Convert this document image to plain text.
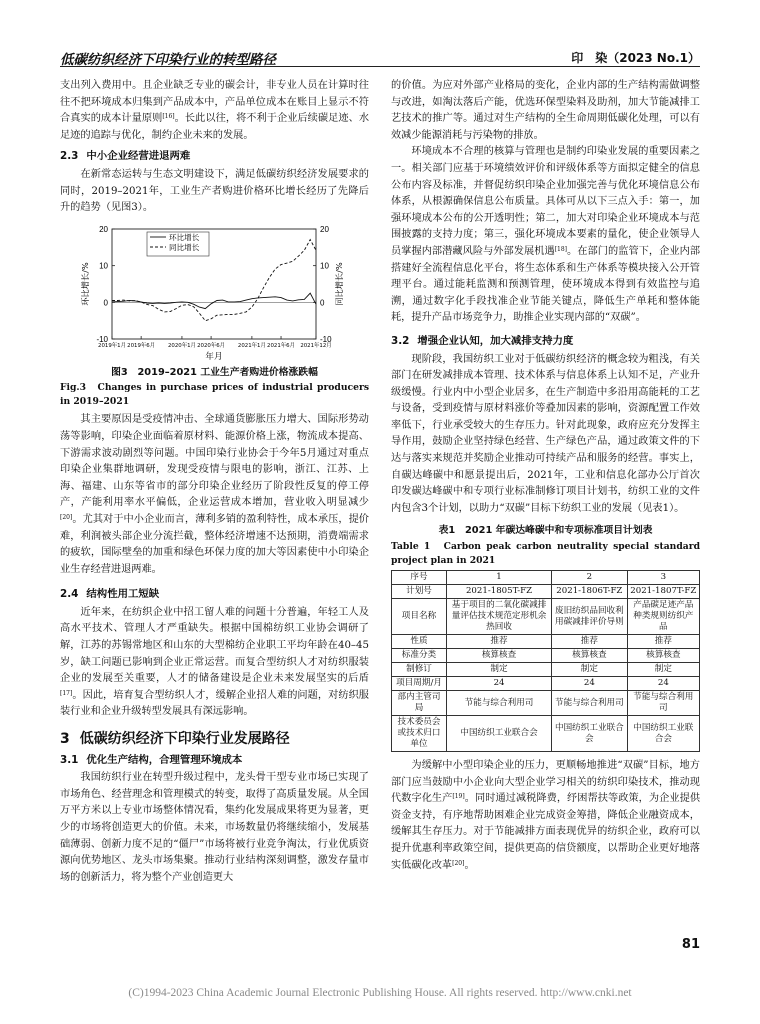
低碳纺织经济下印染行业的转型路径	印　染（2023 No.1）

支出列入费用中。且企业缺乏专业的碳会计，非专业人员在计算时往往不把环境成本归集到产品成本中，产品单位成本在账目上显示不符合真实的成本计量原则[16]。长此以往，将不利于企业后续碳足迹、水足迹的追踪与优化，制约企业未来的发展。

2.3 中小企业经营进退两难

在新常态运转与生态文明建设下，满足低碳纺织经济发展要求的同时，2019–2021年，工业生产者购进价格环比增长经历了先降后升的趋势（见图3）。

20	20
10	10
0	0
-10	-10
2019年1月 2019年6月 2020年1月 2020年6月 2021年1月 2021年6月 2021年12月
年月
环比增长/%	同比增长/%
环比增长
同比增长
图3　2019–2021 工业生产者购进价格涨跌幅
Fig.3　Changes in purchase prices of industrial producers in 2019–2021

其主要原因是受疫情冲击、全球通货膨胀压力增大、国际形势动荡等影响，印染企业面临着原材料、能源价格上涨，物流成本提高、下游需求波动剧烈等问题。中国印染行业协会于今年5月通过对重点印染企业集群地调研，发现受疫情与限电的影响，浙江、江苏、上海、福建、山东等省市的部分印染企业经历了阶段性反复的停工停产，产能利用率水平偏低，企业运营成本增加，营业收入明显减少[20]。尤其对于中小企业而言，薄利多销的盈利特性，成本承压，提价难，利润被头部企业分流拦截，整体经济增速不达预期，消费端需求的疲软，国际壁垒的加重和绿色环保力度的加大等因素使中小印染企业生存经营进退两难。

2.4 结构性用工短缺

近年来，在纺织企业中招工留人难的问题十分普遍，年轻工人及高水平技术、管理人才严重缺失。根据中国棉纺织工业协会调研了解，江苏的苏锡常地区和山东的大型棉纺企业职工平均年龄在40–45岁，缺工问题已影响到企业正常运营。而复合型纺织人才对纺织服装企业的发展至关重要，人才的储备建设是企业未来发展坚实的后盾[17]。因此，培育复合型纺织人才，缓解企业招人难的问题，对纺织服装行业和企业升级转型发展具有深远影响。

3 低碳纺织经济下印染行业发展路径
3.1 优化生产结构，合理管理环境成本

我国纺织行业在转型升级过程中，龙头骨干型专业市场已实现了市场角色、经营理念和管理模式的转变，取得了高质量发展。从全国万平方米以上专业市场整体情况看，集约化发展成果将更为显著，更少的市场将创造更大的价值。未来，市场数量仍将继续缩小，发展基础薄弱、创新力度不足的“僵尸”市场将被行业竞争淘汰，行业优质资源向优势地区、龙头市场集聚。推动行业结构深刻调整，激发存量市场的创新活力，将为整个产业创造更大

的价值。为应对外部产业格局的变化，企业内部的生产结构需做调整与改进，如淘汰落后产能，优选环保型染料及助剂，加大节能减排工艺技术的推广等。通过对生产结构的全生命周期低碳化处理，可以有效减少能源消耗与污染物的排放。

环境成本不合理的核算与管理也是制约印染业发展的重要因素之一。相关部门应基于环境绩效评价和评级体系等方面拟定健全的信息公布内容及标准，并督促纺织印染企业加强完善与优化环境信息公布体系，从根源确保信息公布质量。具体可从以下三点入手：第一，加强环境成本公布的公开透明性；第二，加大对印染企业环境成本与范围披露的支持力度；第三，强化环境成本要素的量化，使企业领导人员掌握内部潜藏风险与外部发展机遇[18]。在部门的监管下，企业内部搭建好全流程信息化平台，将生态体系和生产体系等模块接入公开管理平台。通过能耗监测和预测管理，使环境成本得到有效监控与追溯，通过数字化手段找准企业节能关键点，降低生产单耗和整体能耗，提升产品市场竞争力，助推企业实现内部的“双碳”。

3.2 增强企业认知，加大减排支持力度

现阶段，我国纺织工业对于低碳纺织经济的概念较为粗浅，有关部门在研发减排成本管理、技术体系与信息体系上认知不足，产业升级缓慢。行业内中小型企业居多，在生产制造中多沿用高能耗的工艺与设备，受到疫情与原材料涨价等叠加因素的影响，资源配置工作效率低下，行业承受较大的生存压力。针对此现象，政府应充分发挥主导作用，鼓励企业坚持绿色经营、生产绿色产品，通过政策文件的下达与落实来规范并奖励企业推动可持续产品和服务的经营。事实上，自碳达峰碳中和愿景提出后，2021年，工业和信息化部办公厅首次印发碳达峰碳中和专项行业标准制修订项目计划书，纺织工业的文件内包含3个计划，以助力“双碳”目标下纺织工业的发展（见表1）。

表1　2021 年碳达峰碳中和专项标准项目计划表
Table 1　Carbon peak carbon neutrality special standard project plan in 2021
序号	1	2	3
计划号	2021-1805T-FZ	2021-1806T-FZ	2021-1807T-FZ
项目名称	基于项目的二氧化碳减排量评估技术规范定形机余热回收	废旧纺织品回收利用碳减排评价导则	产品碳足迹产品种类规则纺织产品
性质	推荐	推荐	推荐
标准分类	核算核查	核算核查	核算核查
制修订	制定	制定	制定
项目周期/月	24	24	24
部内主管司局	节能与综合利用司	节能与综合利用司	节能与综合利用司
技术委员会或技术归口单位	中国纺织工业联合会	中国纺织工业联合会	中国纺织工业联合会

为缓解中小型印染企业的压力，更顺畅地推进“双碳”目标，地方部门应当鼓励中小企业向大型企业学习相关的纺织印染技术，推动现代数字化生产[19]。同时通过减税降费，纾困帮扶等政策，为企业提供资金支持，有序地帮助困难企业完成资金筹措，降低企业融资成本，缓解其生存压力。对于节能减排方面表现优异的纺织企业，政府可以提升优惠利率政策空间，提供更高的信贷额度，以帮助企业更好地落实低碳化改革[20]。

81
(C)1994-2023 China Academic Journal Electronic Publishing House. All rights reserved. http://www.cnki.net
